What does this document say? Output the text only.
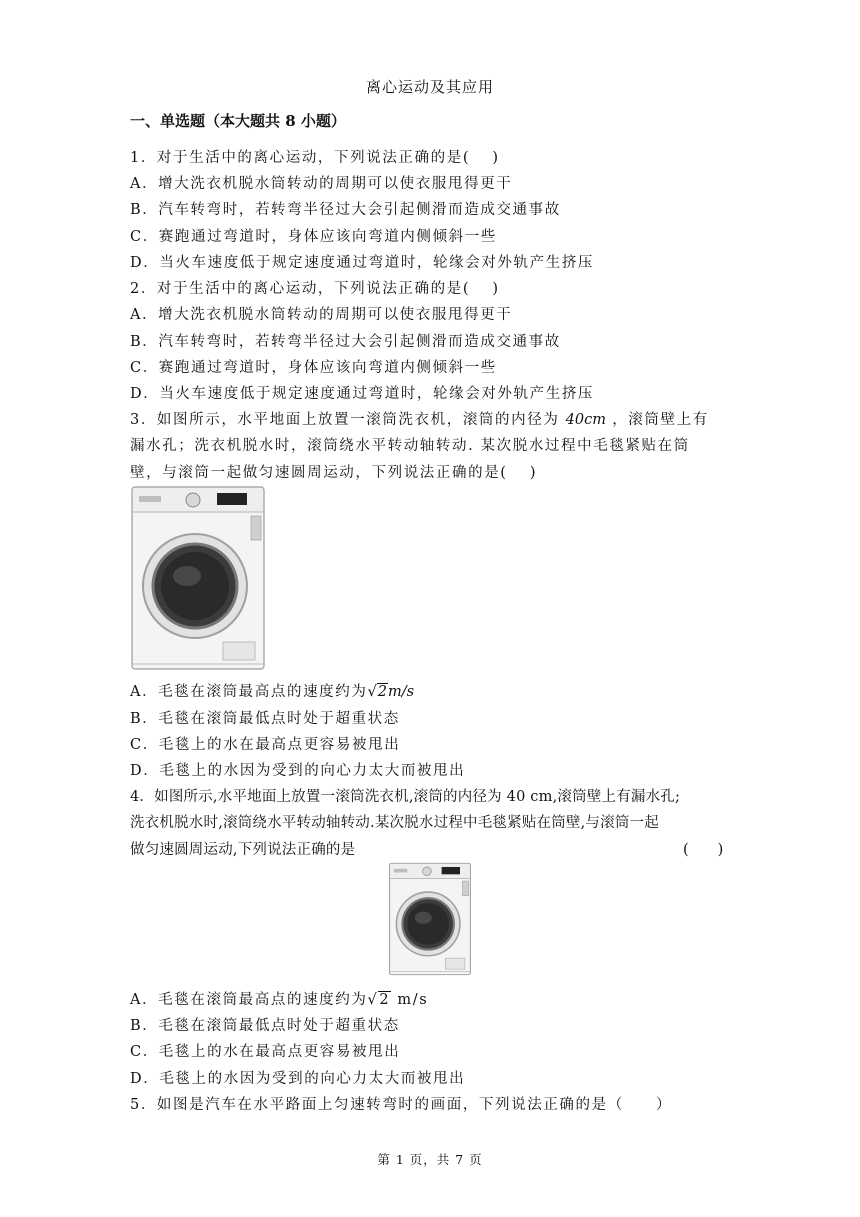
离心运动及其应用
一、单选题（本大题共 8 小题）
1．对于生活中的离心运动，下列说法正确的是(　 )
A．增大洗衣机脱水筒转动的周期可以使衣服甩得更干
B．汽车转弯时，若转弯半径过大会引起侧滑而造成交通事故
C．赛跑通过弯道时，身体应该向弯道内侧倾斜一些
D．当火车速度低于规定速度通过弯道时，轮缘会对外轨产生挤压
2．对于生活中的离心运动，下列说法正确的是(　 )
A．增大洗衣机脱水筒转动的周期可以使衣服甩得更干
B．汽车转弯时，若转弯半径过大会引起侧滑而造成交通事故
C．赛跑通过弯道时，身体应该向弯道内侧倾斜一些
D．当火车速度低于规定速度通过弯道时，轮缘会对外轨产生挤压
3．如图所示，水平地面上放置一滚筒洗衣机，滚筒的内径为 40cm ，滚筒壁上有
漏水孔；洗衣机脱水时，滚筒绕水平转动轴转动. 某次脱水过程中毛毯紧贴在筒
壁，与滚筒一起做匀速圆周运动，下列说法正确的是(　 )
A．毛毯在滚筒最高点的速度约为√2m/s
B．毛毯在滚筒最低点时处于超重状态
C．毛毯上的水在最高点更容易被甩出
D．毛毯上的水因为受到的向心力太大而被甩出
4．如图所示,水平地面上放置一滚筒洗衣机,滚筒的内径为 40 cm,滚筒壁上有漏水孔;
洗衣机脱水时,滚筒绕水平转动轴转动.某次脱水过程中毛毯紧贴在筒壁,与滚筒一起
做匀速圆周运动,下列说法正确的是	(　　)
A．毛毯在滚筒最高点的速度约为√2 m/s
B．毛毯在滚筒最低点时处于超重状态
C．毛毯上的水在最高点更容易被甩出
D．毛毯上的水因为受到的向心力太大而被甩出
5．如图是汽车在水平路面上匀速转弯时的画面，下列说法正确的是（　　）
第 1 页，共 7 页
